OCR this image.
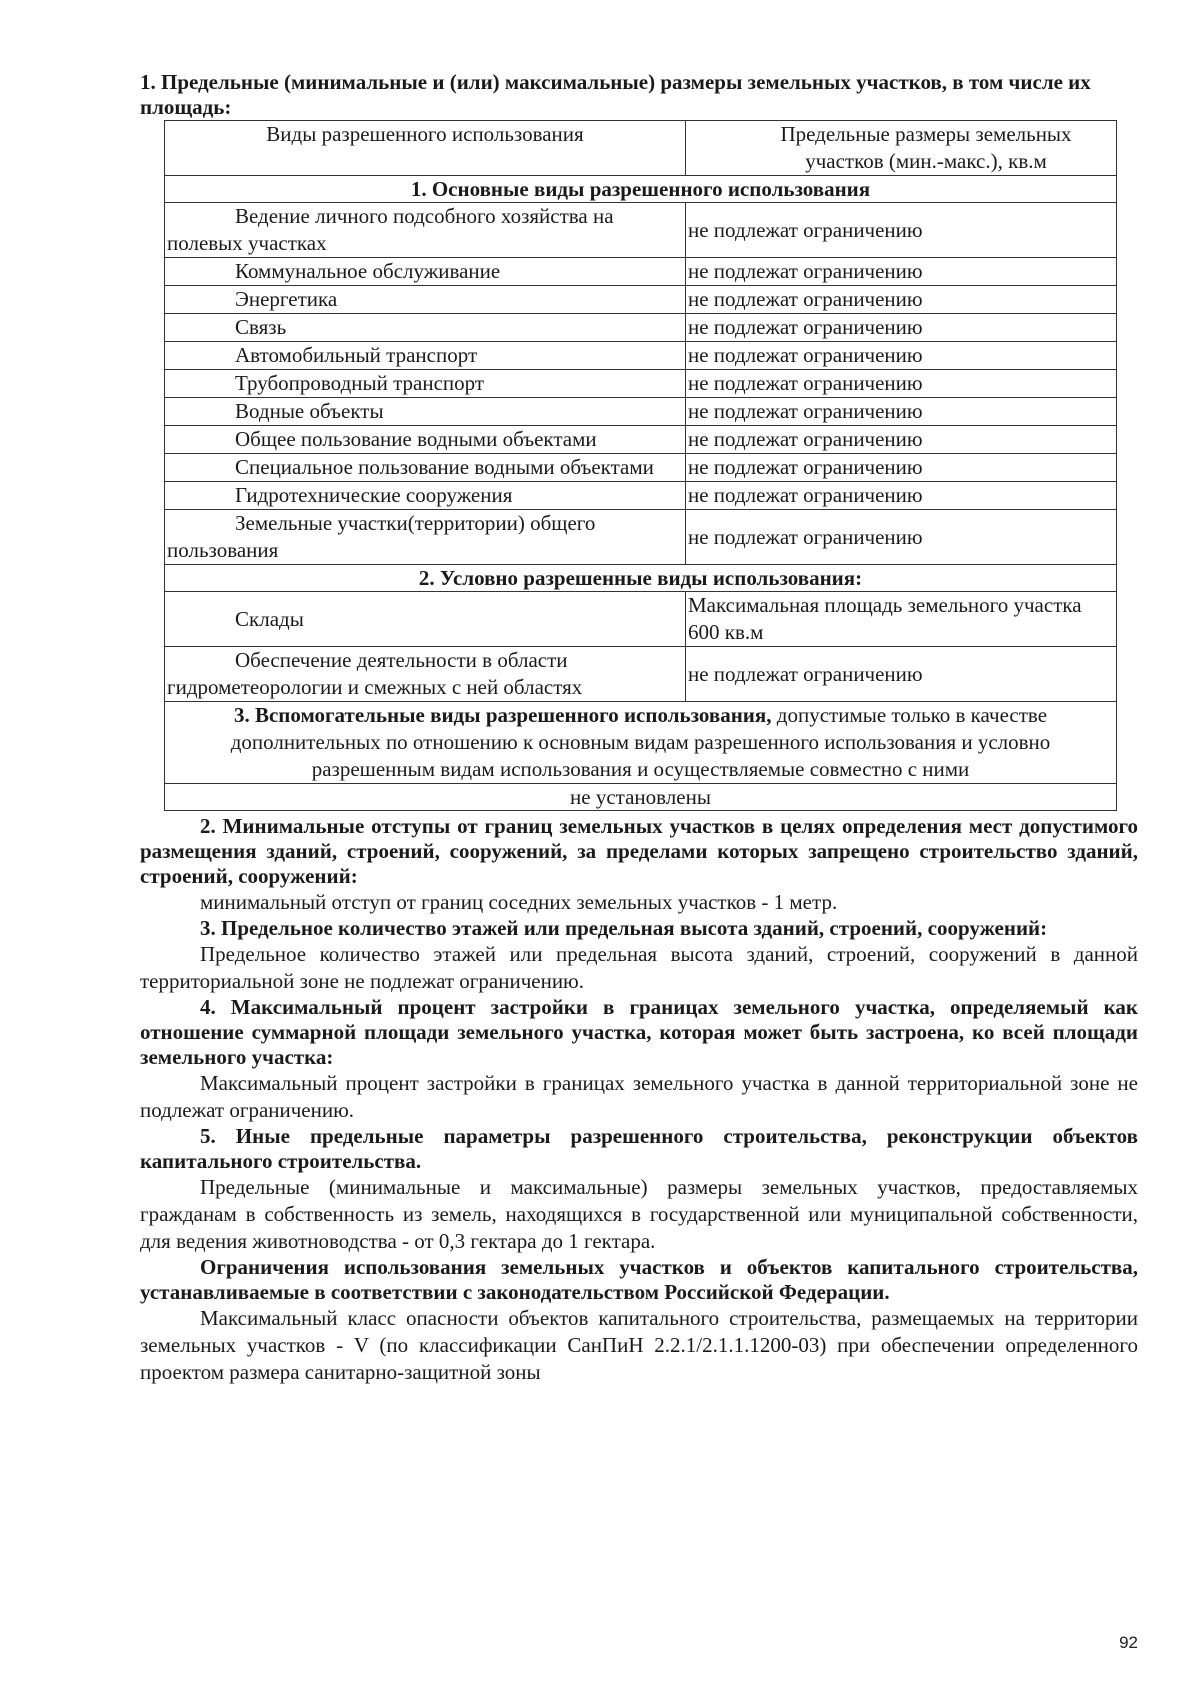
1. Предельные (минимальные и (или) максимальные) размеры земельных участков, в том числе их площадь:

Виды разрешенного использования	Предельные размеры земельных участков (мин.-макс.), кв.м
1. Основные виды разрешенного использования	
Ведение личного подсобного хозяйства на полевых участках	не подлежат ограничению
Коммунальное обслуживание	не подлежат ограничению
Энергетика	не подлежат ограничению
Связь	не подлежат ограничению
Автомобильный транспорт	не подлежат ограничению
Трубопроводный транспорт	не подлежат ограничению
Водные объекты	не подлежат ограничению
Общее пользование водными объектами	не подлежат ограничению
Специальное пользование водными объектами	не подлежат ограничению
Гидротехнические сооружения	не подлежат ограничению
Земельные участки(территории) общего пользования	не подлежат ограничению
2. Условно разрешенные виды использования:	
Склады	Максимальная площадь земельного участка 600 кв.м
Обеспечение деятельности в области гидрометеорологии и смежных с ней областях	не подлежат ограничению
3. Вспомогательные виды разрешенного использования, допустимые только в качестве дополнительных по отношению к основным видам разрешенного использования и условно разрешенным видам использования и осуществляемые совместно с ними	
не установлены	

2. Минимальные отступы от границ земельных участков в целях определения мест допустимого размещения зданий, строений, сооружений, за пределами которых запрещено строительство зданий, строений, сооружений:

минимальный отступ от границ соседних земельных участков - 1 метр.

3. Предельное количество этажей или предельная высота зданий, строений, сооружений:

Предельное количество этажей или предельная высота зданий, строений, сооружений в данной территориальной зоне не подлежат ограничению.

4. Максимальный процент застройки в границах земельного участка, определяемый как отношение суммарной площади земельного участка, которая может быть застроена, ко всей площади земельного участка:

Максимальный процент застройки в границах земельного участка в данной территориальной зоне не подлежат ограничению.

5. Иные предельные параметры разрешенного строительства, реконструкции объектов капитального строительства.

Предельные (минимальные и максимальные) размеры земельных участков, предоставляемых гражданам в собственность из земель, находящихся в государственной или муниципальной собственности, для ведения животноводства - от 0,3 гектара до 1 гектара.

Ограничения использования земельных участков и объектов капитального строительства, устанавливаемые в соответствии с законодательством Российской Федерации.

Максимальный класс опасности объектов капитального строительства, размещаемых на территории земельных участков - V (по классификации СанПиН 2.2.1/2.1.1.1200-03) при обеспечении определенного проектом размера санитарно-защитной зоны

92
